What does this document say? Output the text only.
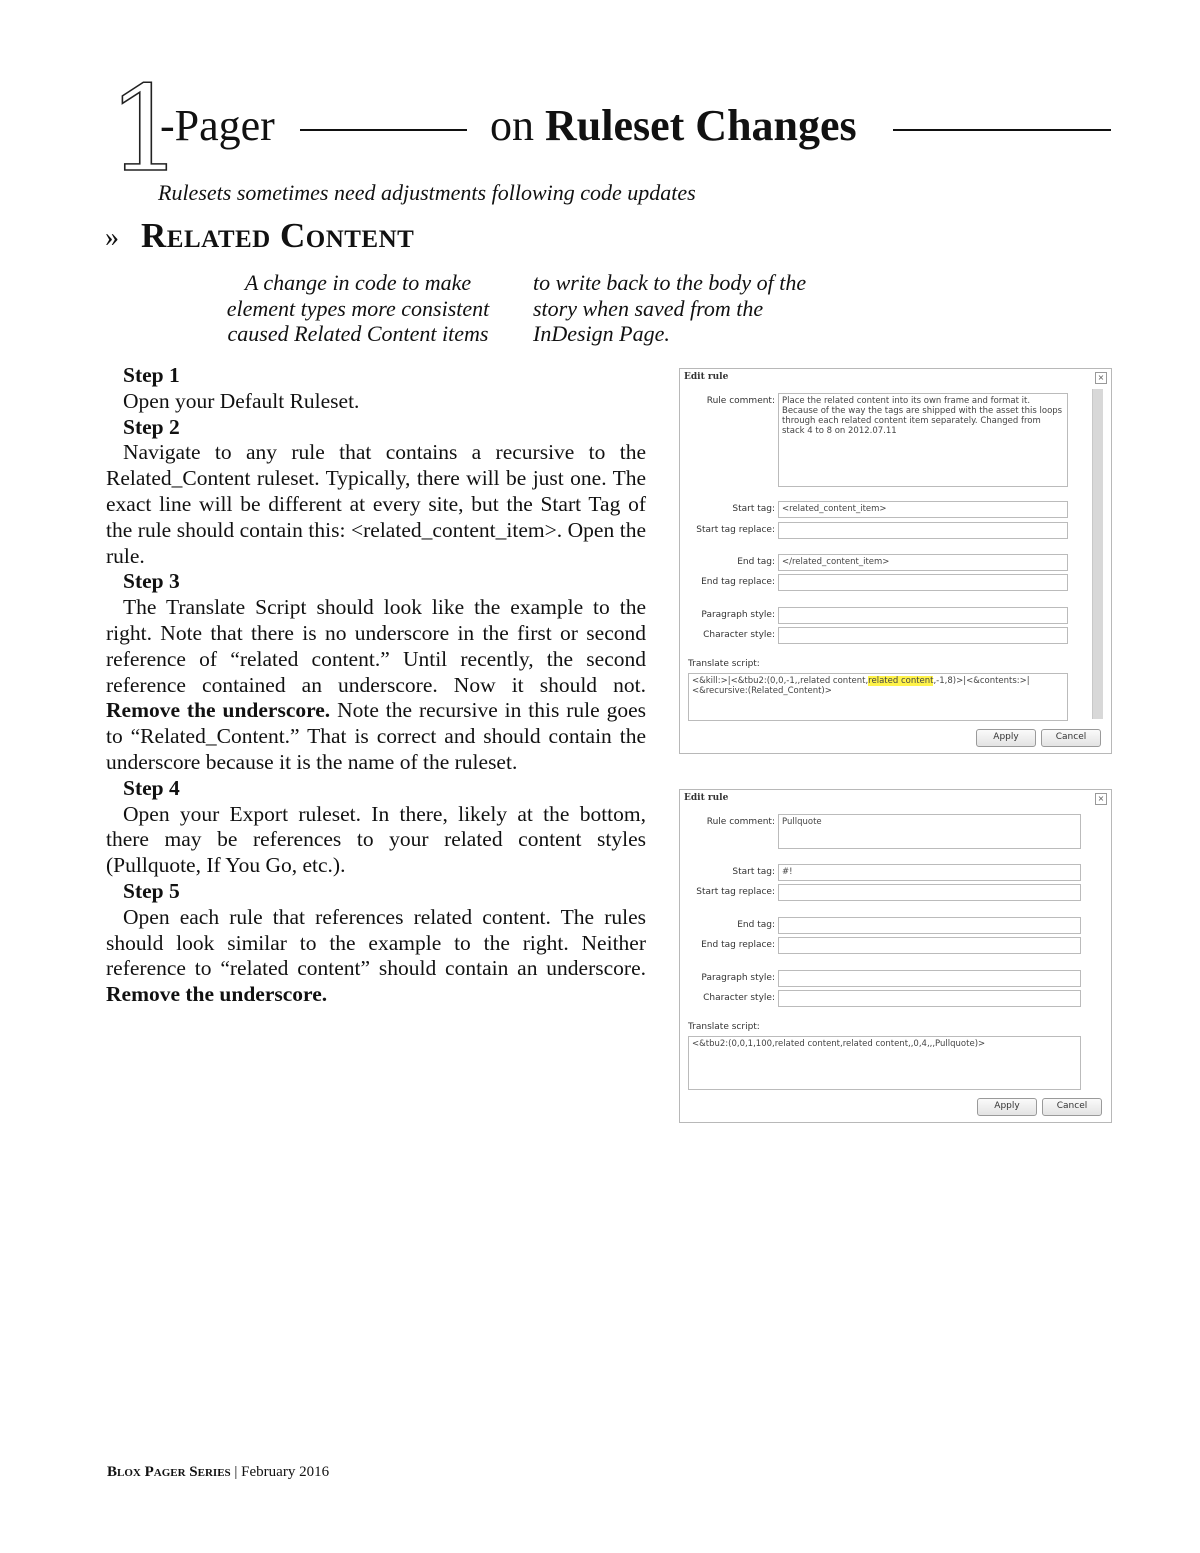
1
-Pager	on Ruleset Changes
Rulesets sometimes need adjustments following code updates
» Related Content
A change in code to make element types more consistent caused Related Content items
to write back to the body of the story when saved from the InDesign Page.
Step 1
Open your Default Ruleset.
Step 2
Navigate to any rule that contains a recursive to the Related_Content ruleset. Typically, there will be just one. The exact line will be different at every site, but the Start Tag of the rule should contain this: <related_content_item>. Open the rule.
Step 3
The Translate Script should look like the example to the right. Note that there is no underscore in the first or second reference of “related content.” Until recently, the second reference contained an underscore. Now it should not. Remove the underscore. Note the recursive in this rule goes to “Related_Content.” That is correct and should contain the underscore because it is the name of the ruleset.
Step 4
Open your Export ruleset. In there, likely at the bottom, there may be references to your related content styles (Pullquote, If You Go, etc.).
Step 5
Open each rule that references related content. The rules should look similar to the example to the right. Neither reference to “related content” should contain an underscore. Remove the underscore.
Edit rule	×
Rule comment: Place the related content into its own frame and format it. Because of the way the tags are shipped with the asset this loops through each related content item separately. Changed from stack 4 to 8 on 2012.07.11
Start tag: <related_content_item>
Start tag replace:
End tag: </related_content_item>
End tag replace:
Paragraph style:
Character style:
Translate script:
<&kill:>|<&tbu2:(0,0,-1,,related content,related content,-1,8)>|<&contents:>|
<&recursive:(Related_Content)>
Apply	Cancel
Edit rule	×
Rule comment: Pullquote
Start tag: #!
Start tag replace:
End tag:
End tag replace:
Paragraph style:
Character style:
Translate script:
<&tbu2:(0,0,1,100,related content,related content,,0,4,,,Pullquote)>
Apply	Cancel
Blox Pager Series | February 2016
